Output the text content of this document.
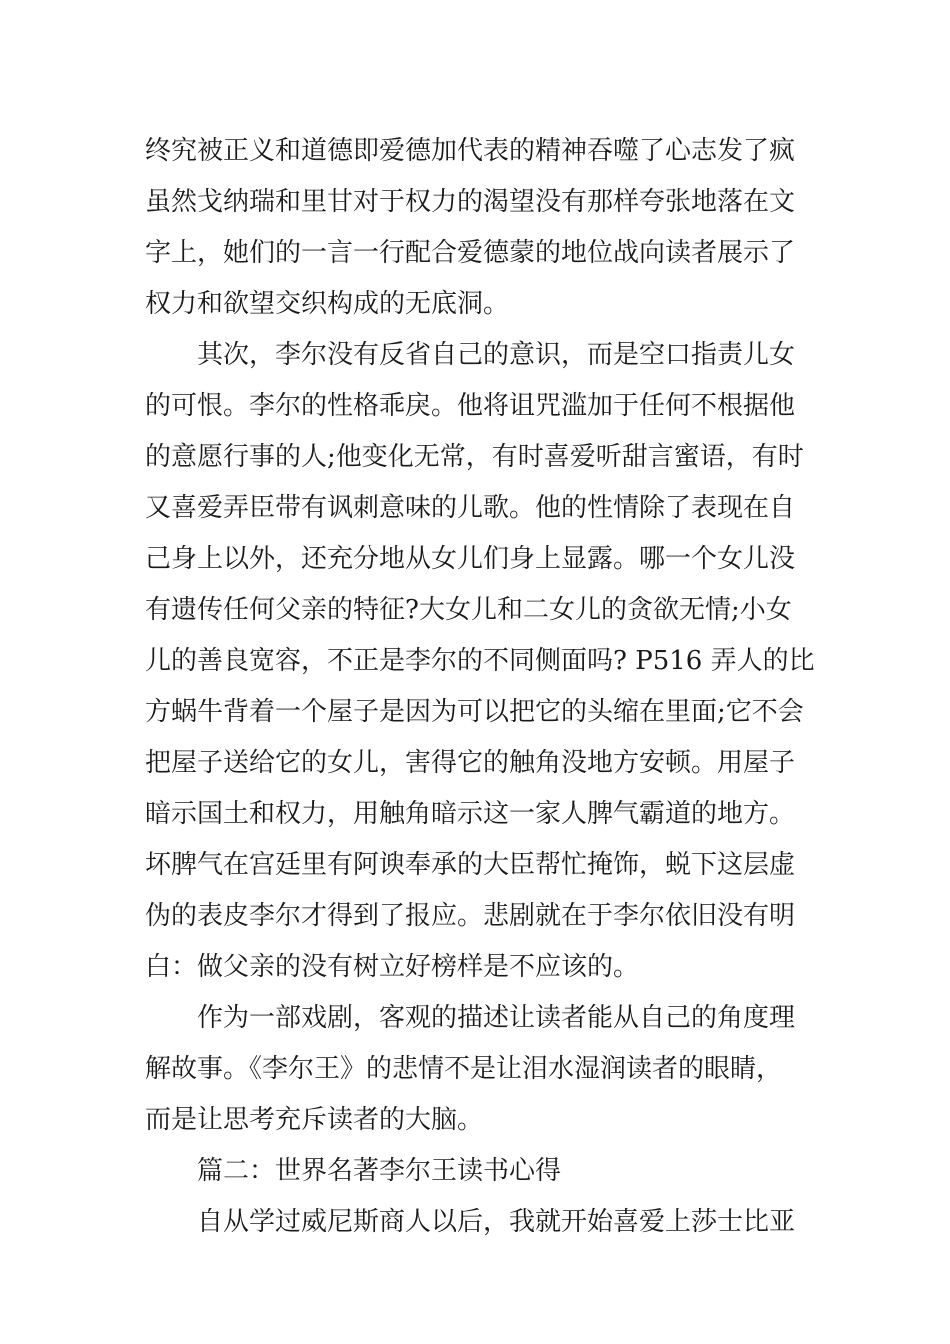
终究被正义和道德即爱德加代表的精神吞噬了心志发了疯
虽然戈纳瑞和里甘对于权力的渴望没有那样夸张地落在文
字上，她们的一言一行配合爱德蒙的地位战向读者展示了
权力和欲望交织构成的无底洞。
其次，李尔没有反省自己的意识，而是空口指责儿女
的可恨。李尔的性格乖戾。他将诅咒滥加于任何不根据他
的意愿行事的人;他变化无常，有时喜爱听甜言蜜语，有时
又喜爱弄臣带有讽刺意味的儿歌。他的性情除了表现在自
己身上以外，还充分地从女儿们身上显露。哪一个女儿没
有遗传任何父亲的特征?大女儿和二女儿的贪欲无情;小女
儿的善良宽容，不正是李尔的不同侧面吗? P516 弄人的比
方蜗牛背着一个屋子是因为可以把它的头缩在里面;它不会
把屋子送给它的女儿，害得它的触角没地方安顿。用屋子
暗示国土和权力，用触角暗示这一家人脾气霸道的地方。
坏脾气在宫廷里有阿谀奉承的大臣帮忙掩饰，蜕下这层虚
伪的表皮李尔才得到了报应。悲剧就在于李尔依旧没有明
白：做父亲的没有树立好榜样是不应该的。
作为一部戏剧，客观的描述让读者能从自己的角度理
解故事。《李尔王》的悲情不是让泪水湿润读者的眼睛，
而是让思考充斥读者的大脑。
篇二：世界名著李尔王读书心得
自从学过威尼斯商人以后，我就开始喜爱上莎士比亚
